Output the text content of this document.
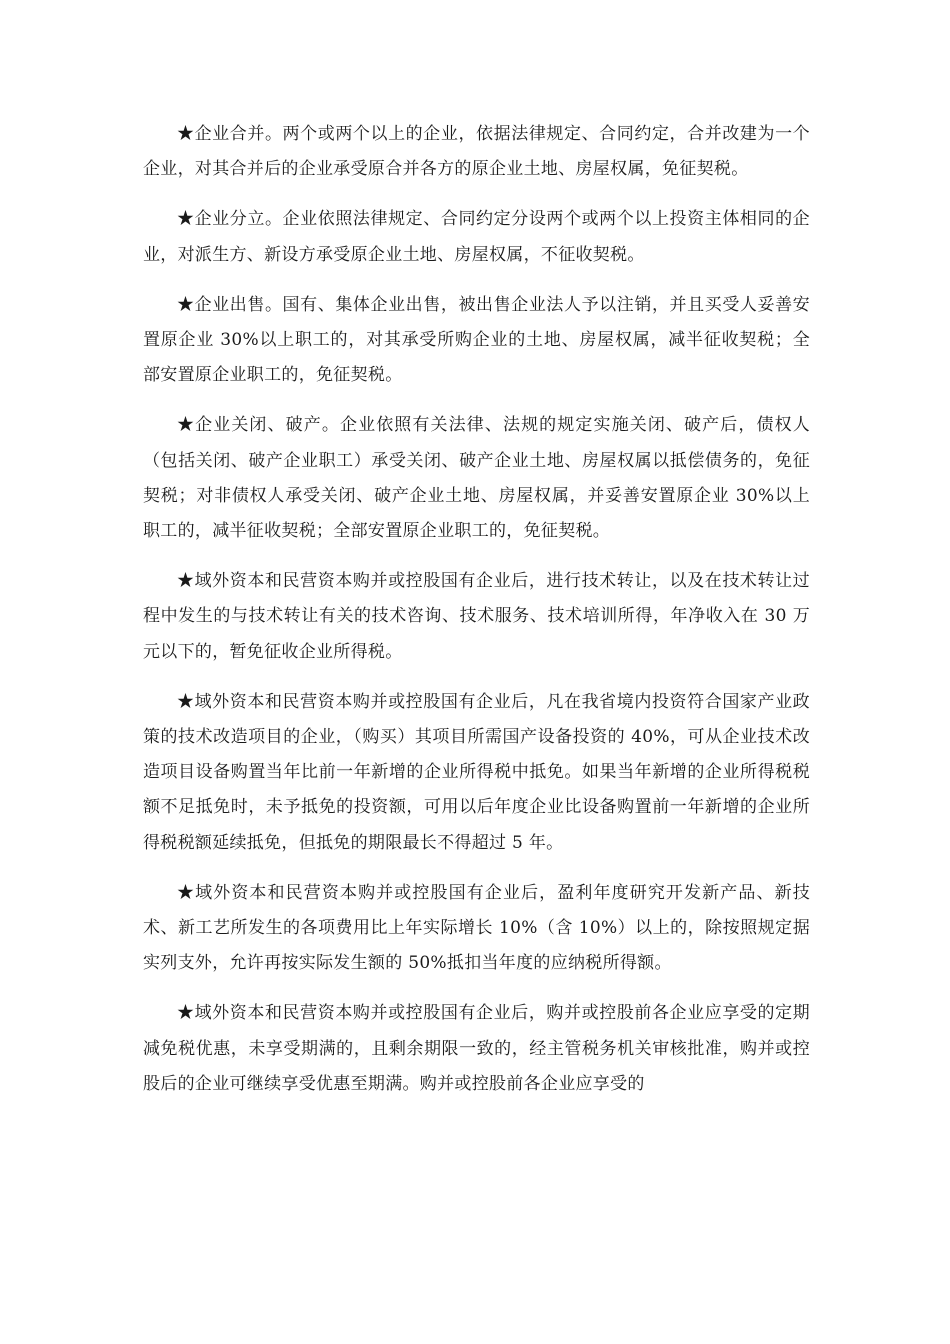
★企业合并。两个或两个以上的企业，依据法律规定、合同约定，合并改建为一个企业，对其合并后的企业承受原合并各方的原企业土地、房屋权属，免征契税。

★企业分立。企业依照法律规定、合同约定分设两个或两个以上投资主体相同的企业，对派生方、新设方承受原企业土地、房屋权属，不征收契税。

★企业出售。国有、集体企业出售，被出售企业法人予以注销，并且买受人妥善安置原企业 30%以上职工的，对其承受所购企业的土地、房屋权属，减半征收契税；全部安置原企业职工的，免征契税。

★企业关闭、破产。企业依照有关法律、法规的规定实施关闭、破产后，债权人（包括关闭、破产企业职工）承受关闭、破产企业土地、房屋权属以抵偿债务的，免征契税；对非债权人承受关闭、破产企业土地、房屋权属，并妥善安置原企业 30%以上职工的，减半征收契税；全部安置原企业职工的，免征契税。

★域外资本和民营资本购并或控股国有企业后，进行技术转让，以及在技术转让过程中发生的与技术转让有关的技术咨询、技术服务、技术培训所得，年净收入在 30 万元以下的，暂免征收企业所得税。

★域外资本和民营资本购并或控股国有企业后，凡在我省境内投资符合国家产业政策的技术改造项目的企业，（购买）其项目所需国产设备投资的 40%，可从企业技术改造项目设备购置当年比前一年新增的企业所得税中抵免。如果当年新增的企业所得税税额不足抵免时，未予抵免的投资额，可用以后年度企业比设备购置前一年新增的企业所得税税额延续抵免，但抵免的期限最长不得超过 5 年。

★域外资本和民营资本购并或控股国有企业后，盈利年度研究开发新产品、新技术、新工艺所发生的各项费用比上年实际增长 10%（含 10%）以上的，除按照规定据实列支外，允许再按实际发生额的 50%抵扣当年度的应纳税所得额。

★域外资本和民营资本购并或控股国有企业后，购并或控股前各企业应享受的定期减免税优惠，未享受期满的，且剩余期限一致的，经主管税务机关审核批准，购并或控股后的企业可继续享受优惠至期满。购并或控股前各企业应享受的
